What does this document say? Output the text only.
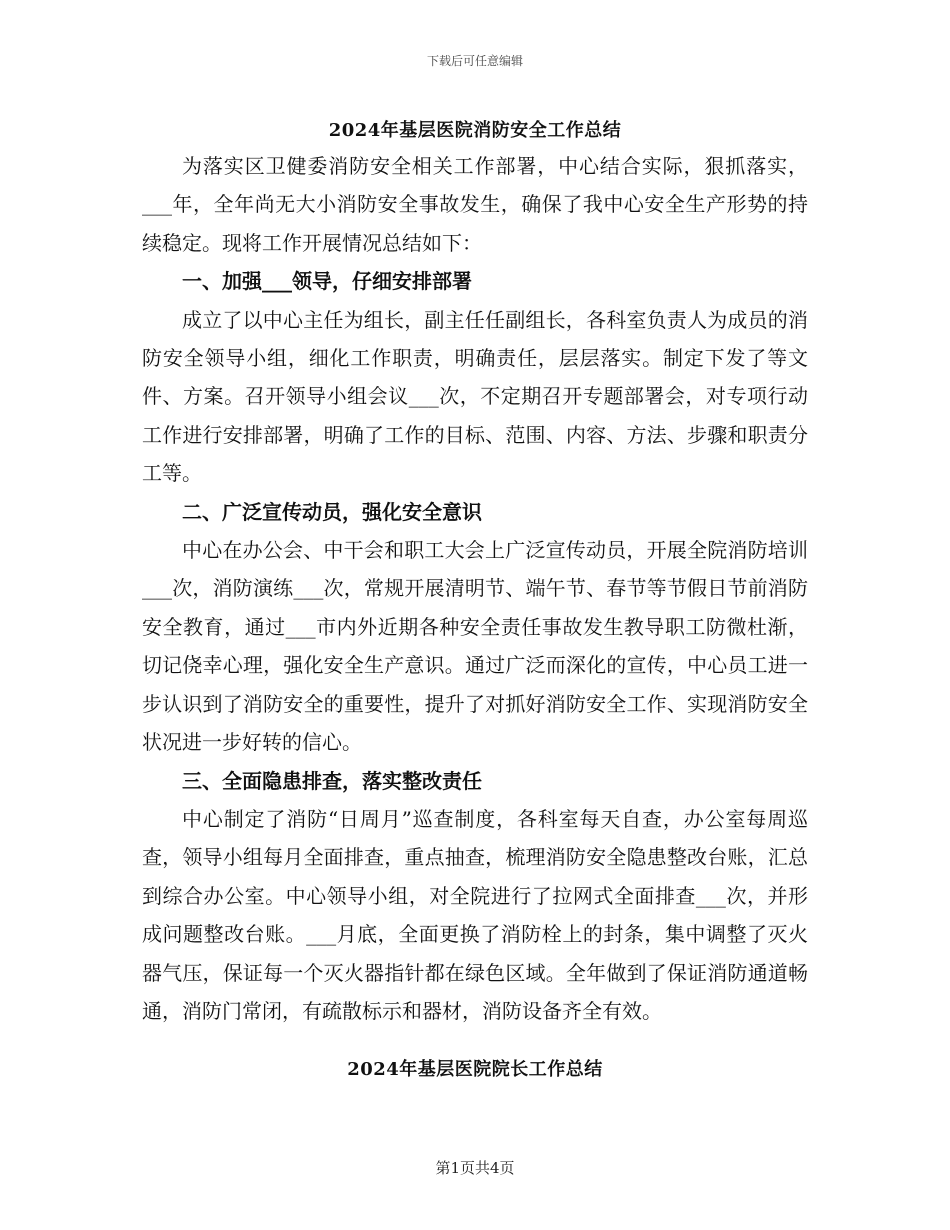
下载后可任意编辑
2024年基层医院消防安全工作总结

为落实区卫健委消防安全相关工作部署，中心结合实际，狠抓落实，___年，全年尚无大小消防安全事故发生，确保了我中心安全生产形势的持续稳定。现将工作开展情况总结如下：

一、加强___领导，仔细安排部署

成立了以中心主任为组长，副主任任副组长，各科室负责人为成员的消防安全领导小组，细化工作职责，明确责任，层层落实。制定下发了等文件、方案。召开领导小组会议___次，不定期召开专题部署会，对专项行动工作进行安排部署，明确了工作的目标、范围、内容、方法、步骤和职责分工等。

二、广泛宣传动员，强化安全意识

中心在办公会、中干会和职工大会上广泛宣传动员，开展全院消防培训___次，消防演练___次，常规开展清明节、端午节、春节等节假日节前消防安全教育，通过___市内外近期各种安全责任事故发生教导职工防微杜渐，切记侥幸心理，强化安全生产意识。通过广泛而深化的宣传，中心员工进一步认识到了消防安全的重要性，提升了对抓好消防安全工作、实现消防安全状况进一步好转的信心。

三、全面隐患排查，落实整改责任

中心制定了消防“日周月”巡查制度，各科室每天自查，办公室每周巡查，领导小组每月全面排查，重点抽查，梳理消防安全隐患整改台账，汇总到综合办公室。中心领导小组，对全院进行了拉网式全面排查___次，并形成问题整改台账。___月底，全面更换了消防栓上的封条，集中调整了灭火器气压，保证每一个灭火器指针都在绿色区域。全年做到了保证消防通道畅通，消防门常闭，有疏散标示和器材，消防设备齐全有效。

2024年基层医院院长工作总结
第1页共4页
